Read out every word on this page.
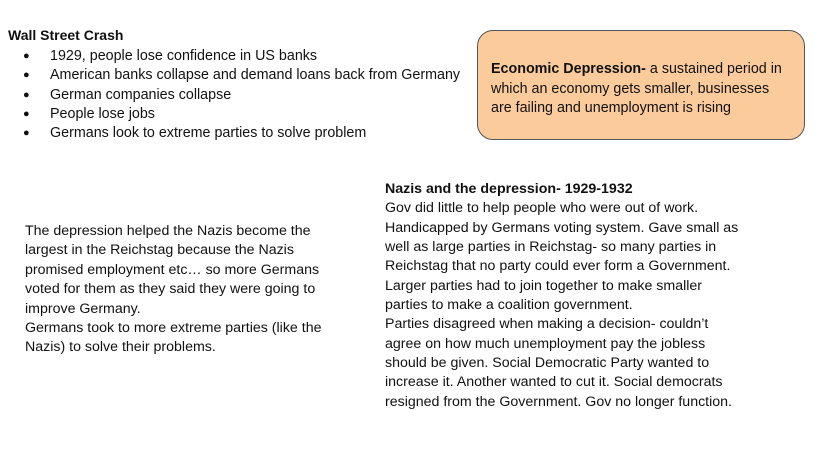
Wall Street Crash
● 1929, people lose confidence in US banks
● American banks collapse and demand loans back from Germany
● German companies collapse
● People lose jobs
● Germans look to extreme parties to solve problem
Economic Depression- a sustained period in
which an economy gets smaller, businesses
are failing and unemployment is rising

The depression helped the Nazis become the

largest in the Reichstag because the Nazis

promised employment etc… so more Germans

voted for them as they said they were going to

improve Germany.

Germans took to more extreme parties (like the

Nazis) to solve their problems.

Nazis and the depression- 1929-1932

Gov did little to help people who were out of work.

Handicapped by Germans voting system. Gave small as

well as large parties in Reichstag- so many parties in

Reichstag that no party could ever form a Government.

Larger parties had to join together to make smaller

parties to make a coalition government.

Parties disagreed when making a decision- couldn’t

agree on how much unemployment pay the jobless

should be given. Social Democratic Party wanted to

increase it. Another wanted to cut it. Social democrats

resigned from the Government. Gov no longer function.
